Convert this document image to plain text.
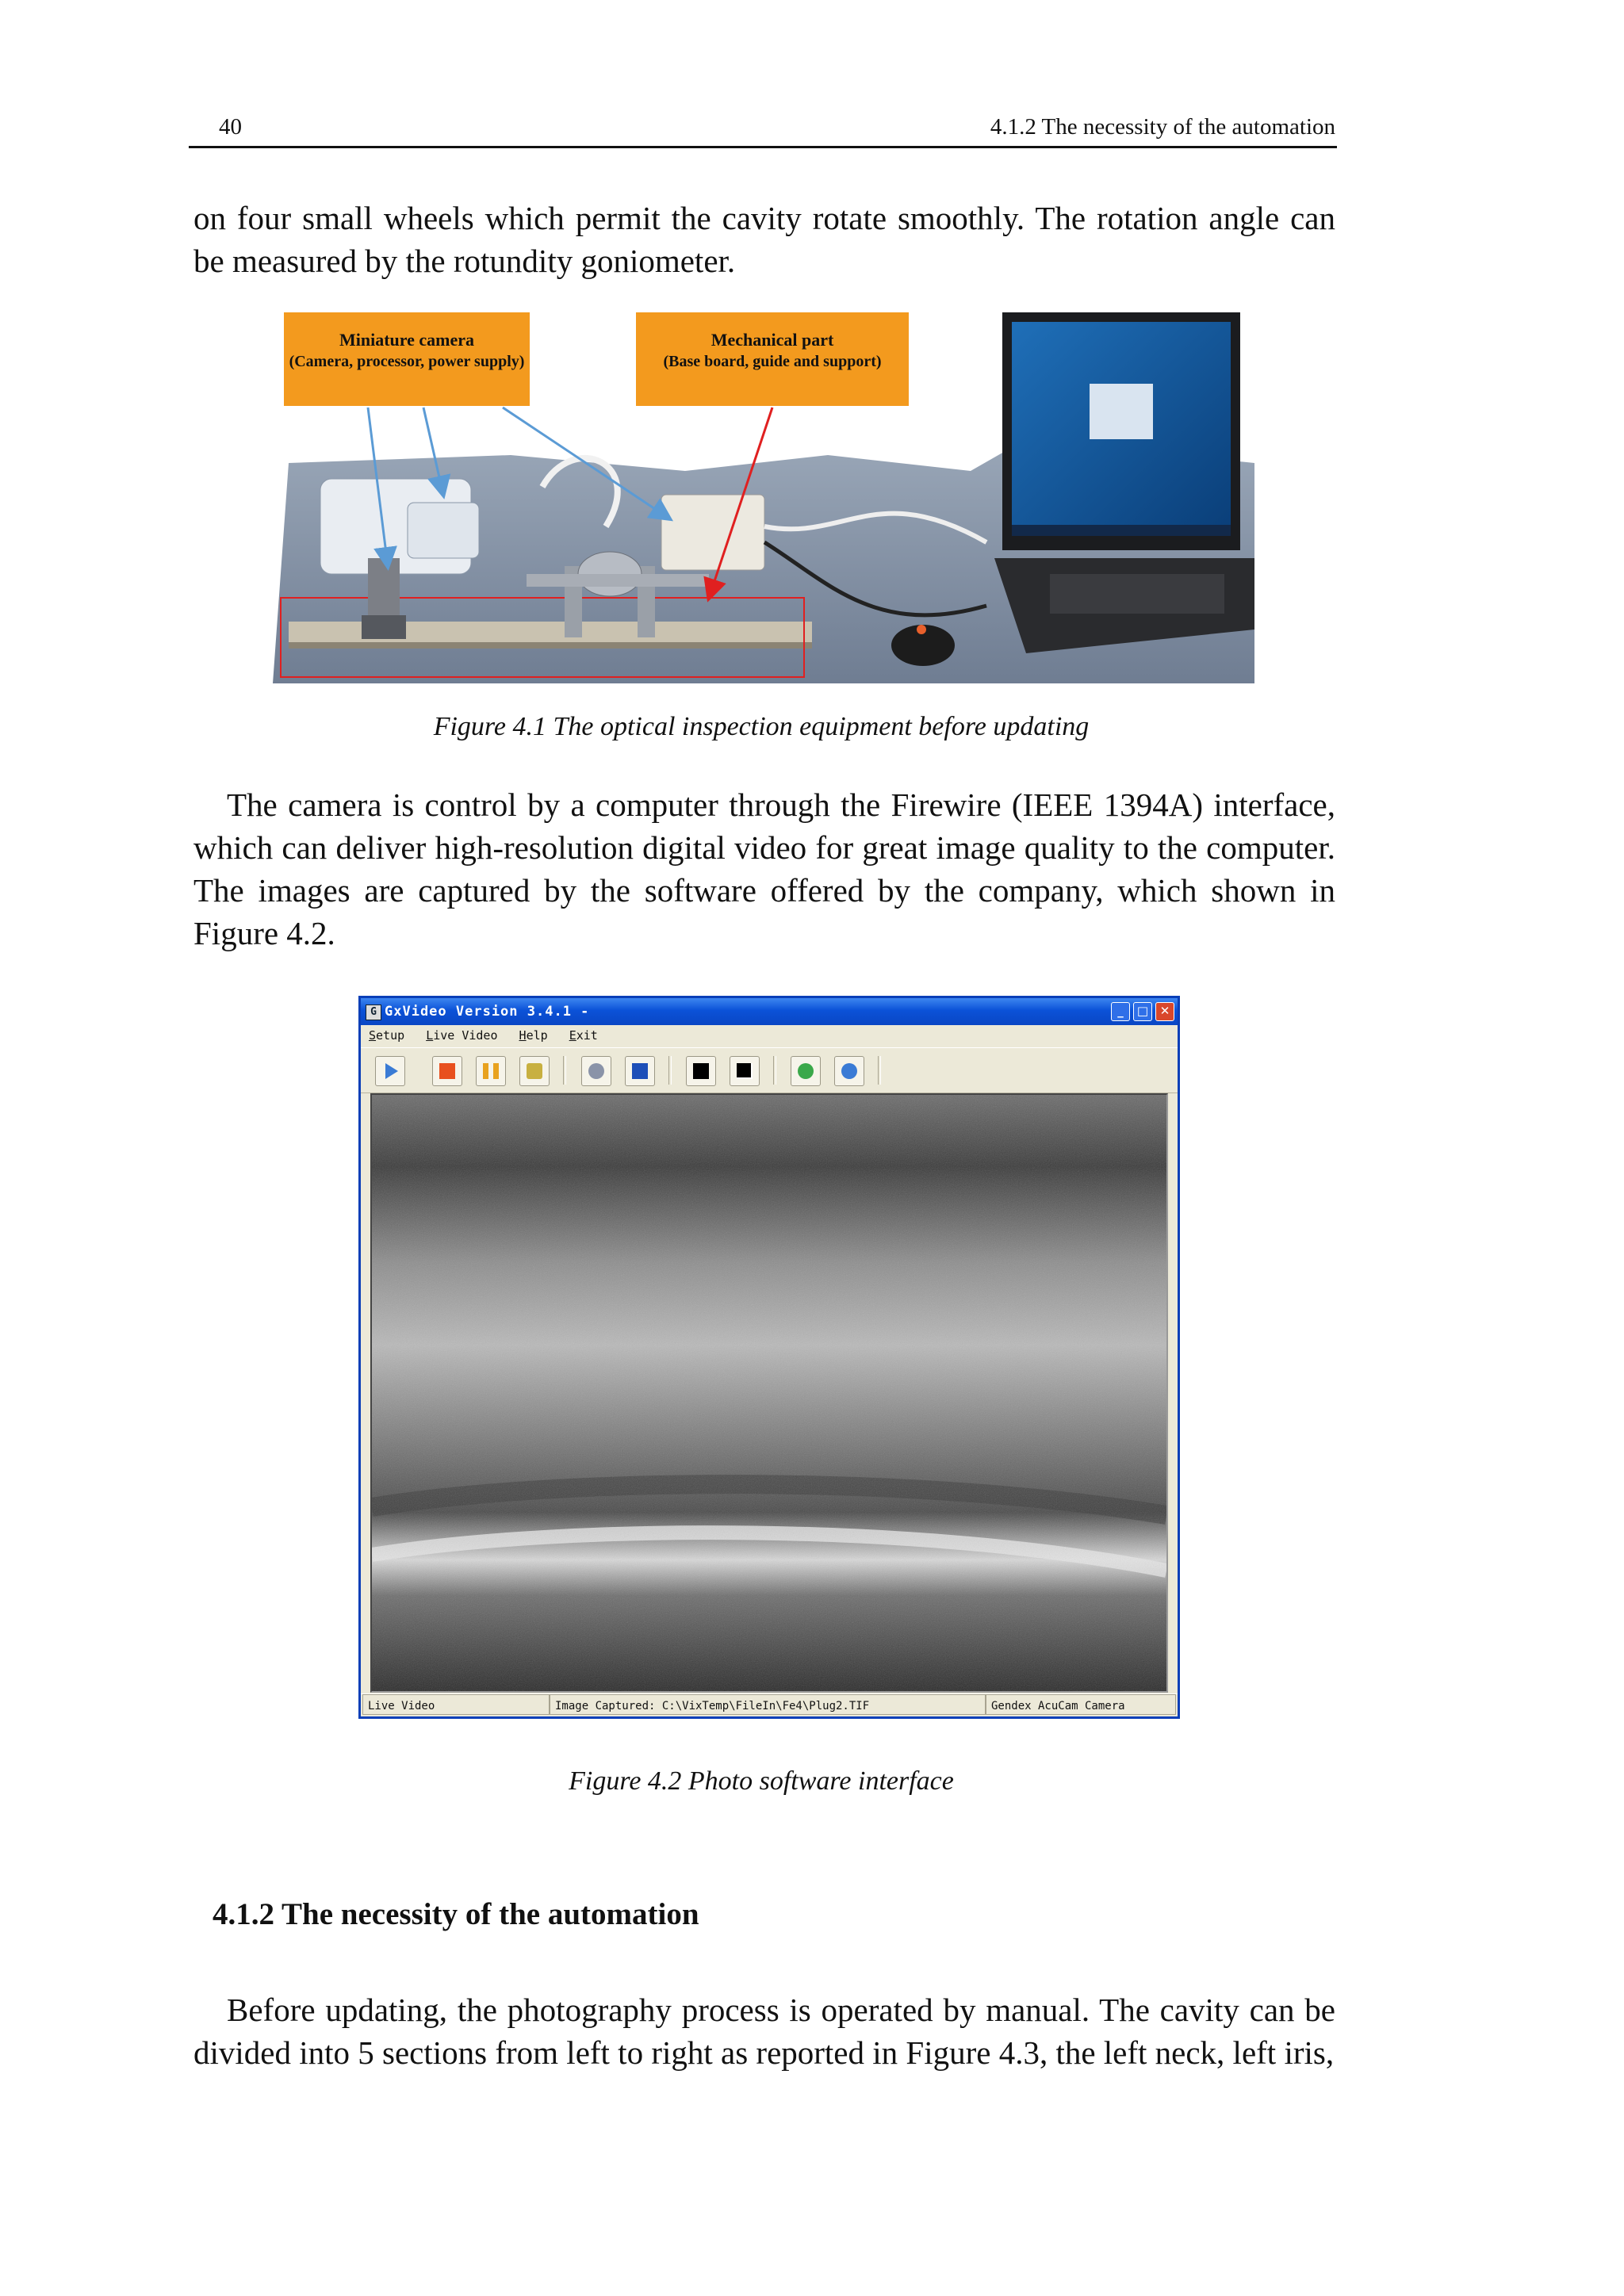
40	4.1.2 The necessity of the automation

on four small wheels which permit the cavity rotate smoothly. The rotation angle can be measured by the rotundity goniometer.

Miniature camera
(Camera, processor, power supply)
Mechanical part
(Base board, guide and support)
Figure 4.1 The optical inspection equipment before updating

The camera is control by a computer through the Firewire (IEEE 1394A) interface, which can deliver high-resolution digital video for great image quality to the computer. The images are captured by the software offered by the company, which shown in Figure 4.2.

G GxVideo Version 3.4.1 -	_	□ ✕
Setup Live Video Help Exit
Live Video	Image Captured: C:\VixTemp\FileIn\Fe4\Plug2.TIF	Gendex AcuCam Camera
Figure 4.2 Photo software interface
4.1.2 The necessity of the automation

Before updating, the photography process is operated by manual. The cavity can be divided into 5 sections from left to right as reported in Figure 4.3, the left neck, left iris,
